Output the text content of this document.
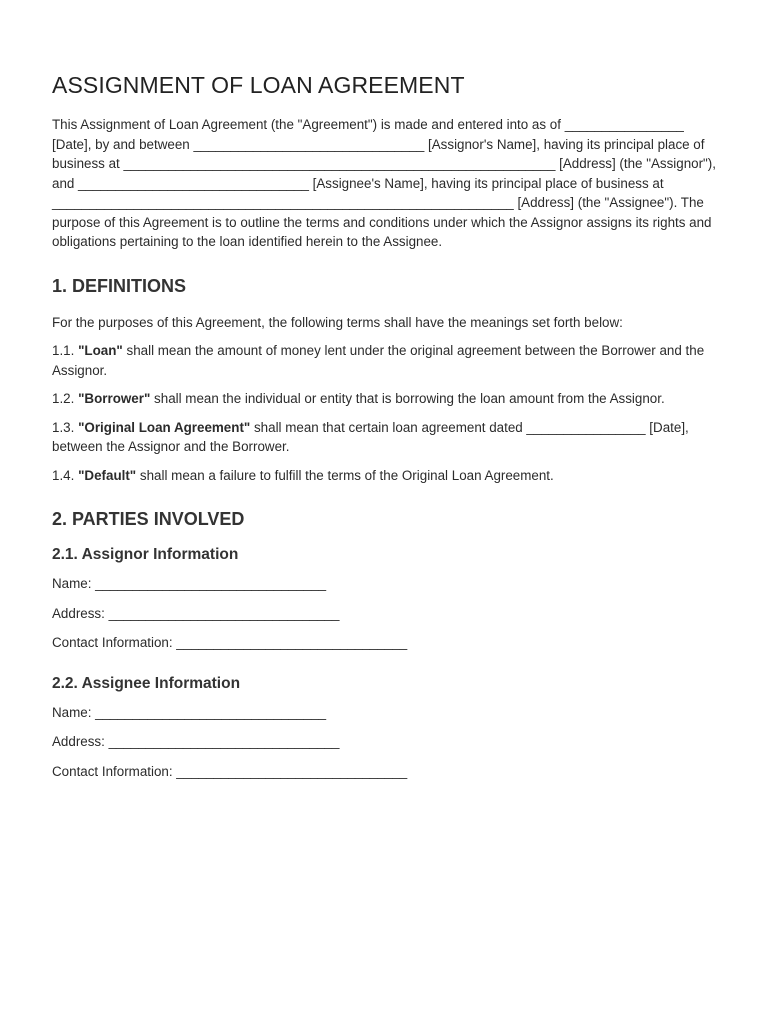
ASSIGNMENT OF LOAN AGREEMENT

This Assignment of Loan Agreement (the "Agreement") is made and entered into as of ________________ [Date], by and between _______________________________ [Assignor's Name], having its principal place of business at __________________________________________________________ [Address] (the "Assignor"), and _______________________________ [Assignee's Name], having its principal place of business at ______________________________________________________________ [Address] (the "Assignee"). The purpose of this Agreement is to outline the terms and conditions under which the Assignor assigns its rights and obligations pertaining to the loan identified herein to the Assignee.

1. DEFINITIONS

For the purposes of this Agreement, the following terms shall have the meanings set forth below:

1.1. "Loan" shall mean the amount of money lent under the original agreement between the Borrower and the Assignor.

1.2. "Borrower" shall mean the individual or entity that is borrowing the loan amount from the Assignor.

1.3. "Original Loan Agreement" shall mean that certain loan agreement dated ________________ [Date], between the Assignor and the Borrower.

1.4. "Default" shall mean a failure to fulfill the terms of the Original Loan Agreement.

2. PARTIES INVOLVED
2.1. Assignor Information

Name: _______________________________

Address: _______________________________

Contact Information: _______________________________

2.2. Assignee Information

Name: _______________________________

Address: _______________________________

Contact Information: _______________________________
